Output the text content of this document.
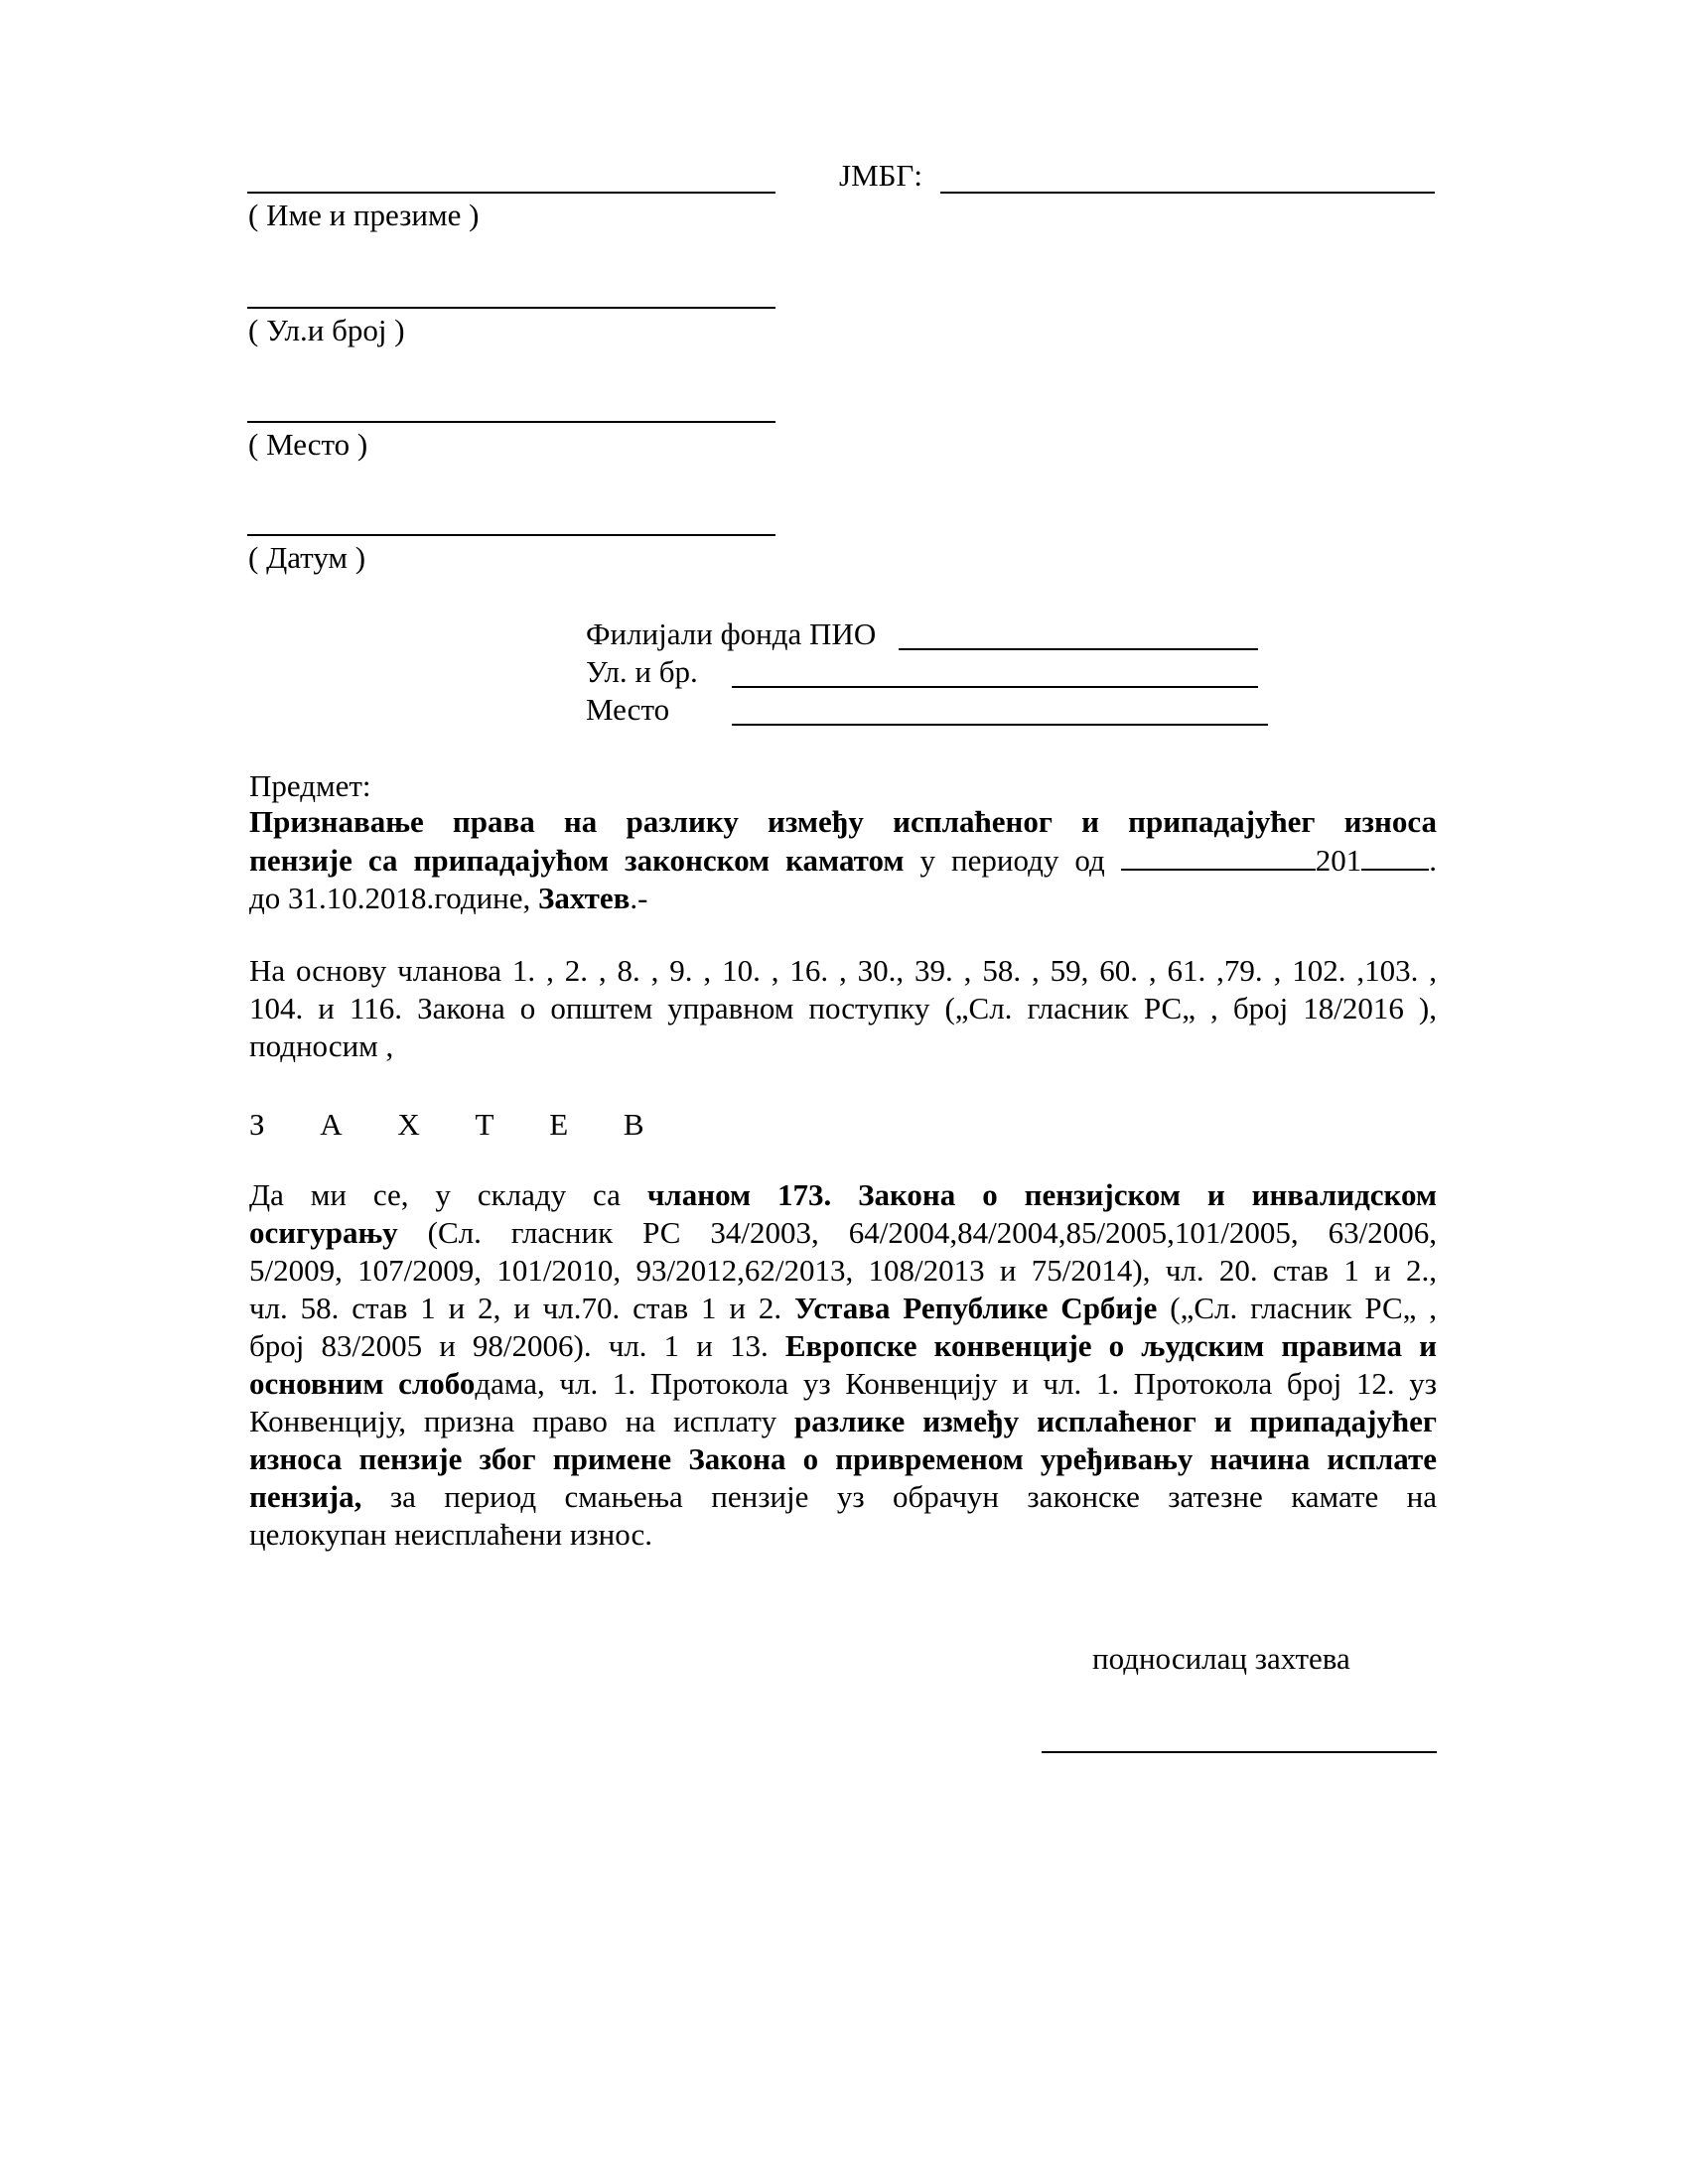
ЈМБГ:
( Име и презиме )
( Ул.и број )
( Место )
( Датум )
Филијали фонда ПИО
Ул. и бр.
Место
Предмет:
Признавање права на разлику између исплаћеног и припадајућег износа
пензије са припадајућом законском каматом у периоду од	201 .
до 31.10.2018.године, Захтев.-
На основу чланова 1. , 2. , 8. , 9. , 10. , 16. , 30., 39. , 58. , 59, 60. , 61. ,79. , 102. ,103. ,
104. и 116. Закона о општем управном поступку („Сл. гласник РС„ , број 18/2016 ),
подносим ,
З А Х Т Е В
Да ми се, у складу са чланом 173. Закона о пензијском и инвалидском
осигурању (Сл. гласник РС 34/2003, 64/2004,84/2004,85/2005,101/2005, 63/2006,
5/2009, 107/2009, 101/2010, 93/2012,62/2013, 108/2013 и 75/2014), чл. 20. став 1 и 2.,
чл. 58. став 1 и 2, и чл.70. став 1 и 2. Устава Републике Србије („Сл. гласник РС„ ,
број 83/2005 и 98/2006). чл. 1 и 13. Европске конвенције о људским правима и
основним слободама, чл. 1. Протокола уз Конвенцију и чл. 1. Протокола број 12. уз
Конвенцију, призна право на исплату разлике између исплаћеног и припадајућег
износа пензије због примене Закона о привременом уређивању начина исплате
пензија, за период смањења пензије уз обрачун законске затезне камате на
целокупан неисплаћени износ.
подносилац захтева
